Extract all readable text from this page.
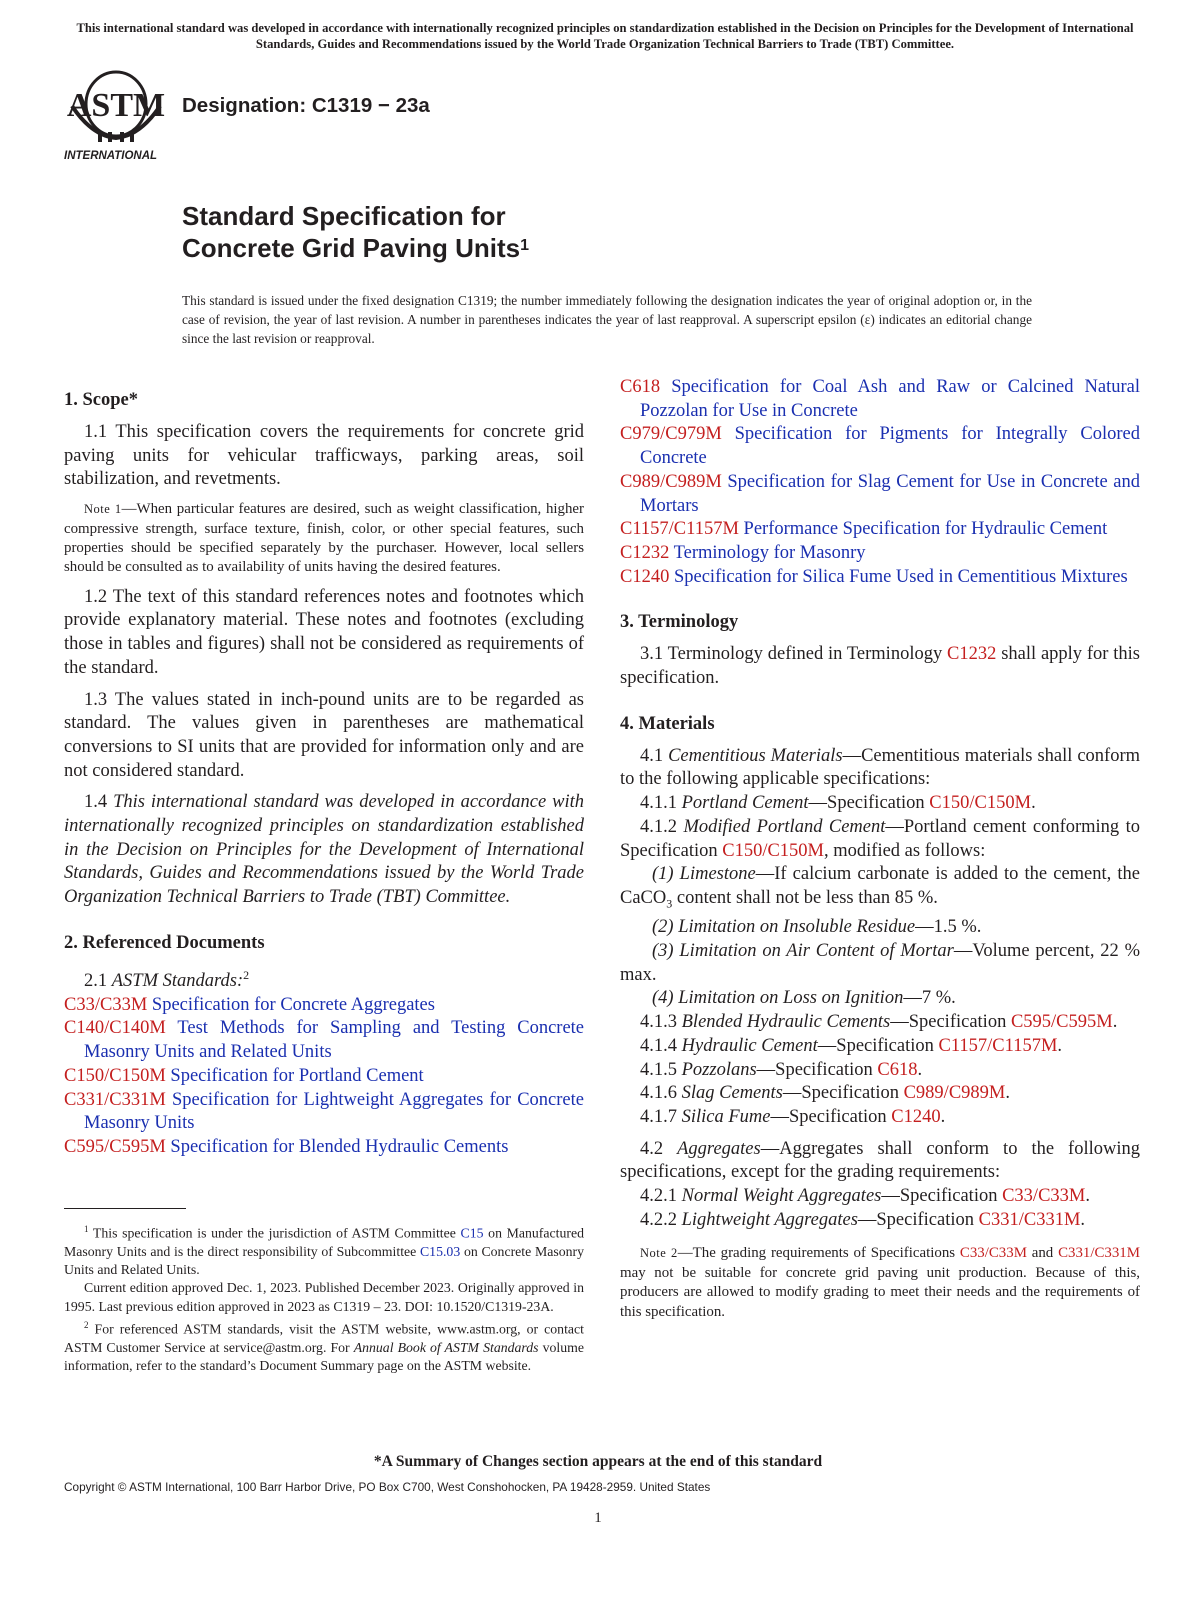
This international standard was developed in accordance with internationally recognized principles on standardization established in the Decision on Principles for the Development of International Standards, Guides and Recommendations issued by the World Trade Organization Technical Barriers to Trade (TBT) Committee.
ASTM
INTERNATIONAL
Designation: C1319 − 23a
Standard Specification for
Concrete Grid Paving Units$^1$
This standard is issued under the fixed designation C1319; the number immediately following the designation indicates the year of original adoption or, in the case of revision, the year of last revision. A number in parentheses indicates the year of last reapproval. A superscript epsilon (ε) indicates an editorial change since the last revision or reapproval.
1. Scope*

1.1 This specification covers the requirements for concrete grid paving units for vehicular trafficways, parking areas, soil stabilization, and revetments.

Note 1—When particular features are desired, such as weight classification, higher compressive strength, surface texture, finish, color, or other special features, such properties should be specified separately by the purchaser. However, local sellers should be consulted as to availability of units having the desired features.

1.2 The text of this standard references notes and footnotes which provide explanatory material. These notes and footnotes (excluding those in tables and figures) shall not be considered as requirements of the standard.

1.3 The values stated in inch-pound units are to be regarded as standard. The values given in parentheses are mathematical conversions to SI units that are provided for information only and are not considered standard.

1.4 This international standard was developed in accordance with internationally recognized principles on standardization established in the Decision on Principles for the Development of International Standards, Guides and Recommendations issued by the World Trade Organization Technical Barriers to Trade (TBT) Committee.

2. Referenced Documents

2.1 ASTM Standards:$^2$

C33/C33M Specification for Concrete Aggregates

C140/C140M Test Methods for Sampling and Testing Concrete Masonry Units and Related Units

C150/C150M Specification for Portland Cement

C331/C331M Specification for Lightweight Aggregates for Concrete Masonry Units

C595/C595M Specification for Blended Hydraulic Cements

$^1$ This specification is under the jurisdiction of ASTM Committee C15 on Manufactured Masonry Units and is the direct responsibility of Subcommittee C15.03 on Concrete Masonry Units and Related Units.

Current edition approved Dec. 1, 2023. Published December 2023. Originally approved in 1995. Last previous edition approved in 2023 as C1319 – 23. DOI: 10.1520/C1319-23A.

$^2$ For referenced ASTM standards, visit the ASTM website, www.astm.org, or contact ASTM Customer Service at service@astm.org. For Annual Book of ASTM Standards volume information, refer to the standard’s Document Summary page on the ASTM website.

C618 Specification for Coal Ash and Raw or Calcined Natural Pozzolan for Use in Concrete

C979/C979M Specification for Pigments for Integrally Colored Concrete

C989/C989M Specification for Slag Cement for Use in Concrete and Mortars

C1157/C1157M Performance Specification for Hydraulic Cement

C1232 Terminology for Masonry

C1240 Specification for Silica Fume Used in Cementitious Mixtures

3. Terminology

3.1 Terminology defined in Terminology C1232 shall apply for this specification.

4. Materials

4.1 Cementitious Materials—Cementitious materials shall conform to the following applicable specifications:

4.1.1 Portland Cement—Specification C150/C150M.

4.1.2 Modified Portland Cement—Portland cement conforming to Specification C150/C150M, modified as follows:

(1) Limestone—If calcium carbonate is added to the cement, the CaCO$_3$ content shall not be less than 85 %.

(2) Limitation on Insoluble Residue—1.5 %.

(3) Limitation on Air Content of Mortar—Volume percent, 22 % max.

(4) Limitation on Loss on Ignition—7 %.

4.1.3 Blended Hydraulic Cements—Specification C595/C595M.

4.1.4 Hydraulic Cement—Specification C1157/C1157M.

4.1.5 Pozzolans—Specification C618.

4.1.6 Slag Cements—Specification C989/C989M.

4.1.7 Silica Fume—Specification C1240.

4.2 Aggregates—Aggregates shall conform to the following specifications, except for the grading requirements:

4.2.1 Normal Weight Aggregates—Specification C33/C33M.

4.2.2 Lightweight Aggregates—Specification C331/C331M.

Note 2—The grading requirements of Specifications C33/C33M and C331/C331M may not be suitable for concrete grid paving unit production. Because of this, producers are allowed to modify grading to meet their needs and the requirements of this specification.

*A Summary of Changes section appears at the end of this standard
Copyright © ASTM International, 100 Barr Harbor Drive, PO Box C700, West Conshohocken, PA 19428-2959. United States
1
